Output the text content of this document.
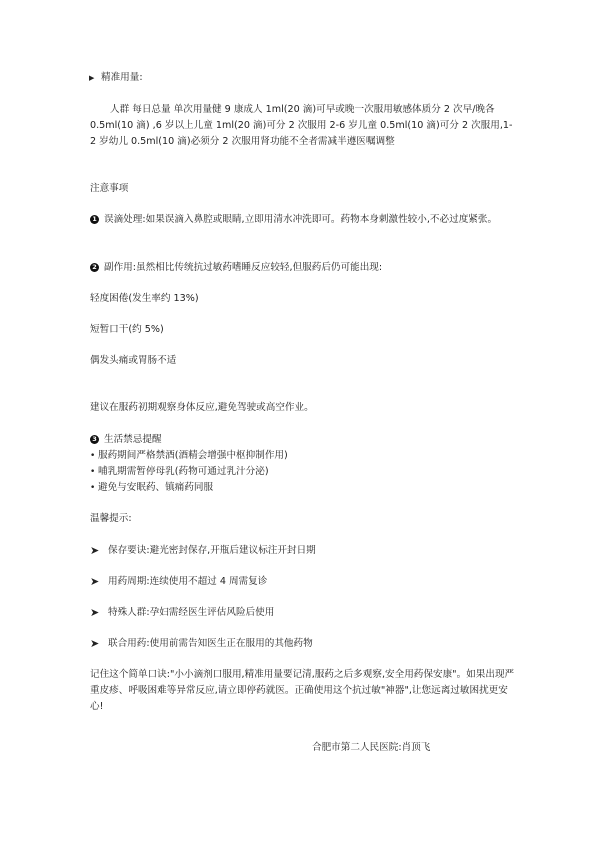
▶ 精准用量:

人群 每日总量 单次用量健 9 康成人 1ml(20 滴)可早或晚一次服用敏感体质分 2 次早/晚各 0.5ml(10 滴) ,6 岁以上儿童 1ml(20 滴)可分 2 次服用 2-6 岁儿童 0.5ml(10 滴)可分 2 次服用,1-2 岁幼儿 0.5ml(10 滴)必须分 2 次服用肾功能不全者需减半遵医嘱调整

注意事项

1 误滴处理:如果误滴入鼻腔或眼睛,立即用清水冲洗即可。药物本身刺激性较小,不必过度紧张。
2 副作用:虽然相比传统抗过敏药嗜睡反应较轻,但服药后仍可能出现:

轻度困倦(发生率约 13%)

短暂口干(约 5%)

偶发头痛或胃肠不适

建议在服药初期观察身体反应,避免驾驶或高空作业。

3 生活禁忌提醒
• 服药期间严格禁酒(酒精会增强中枢抑制作用)
• 哺乳期需暂停母乳(药物可通过乳汁分泌)
• 避免与安眠药、镇痛药同服

温馨提示:

➤ 保存要诀:避光密封保存,开瓶后建议标注开封日期
➤ 用药周期:连续使用不超过 4 周需复诊
➤ 特殊人群:孕妇需经医生评估风险后使用
➤ 联合用药:使用前需告知医生正在服用的其他药物

记住这个简单口诀:"小小滴剂口服用,精准用量要记清,服药之后多观察,安全用药保安康"。如果出现严重皮疹、呼吸困难等异常反应,请立即停药就医。正确使用这个抗过敏"神器",让您远离过敏困扰更安心!

合肥市第二人民医院:肖顶飞
